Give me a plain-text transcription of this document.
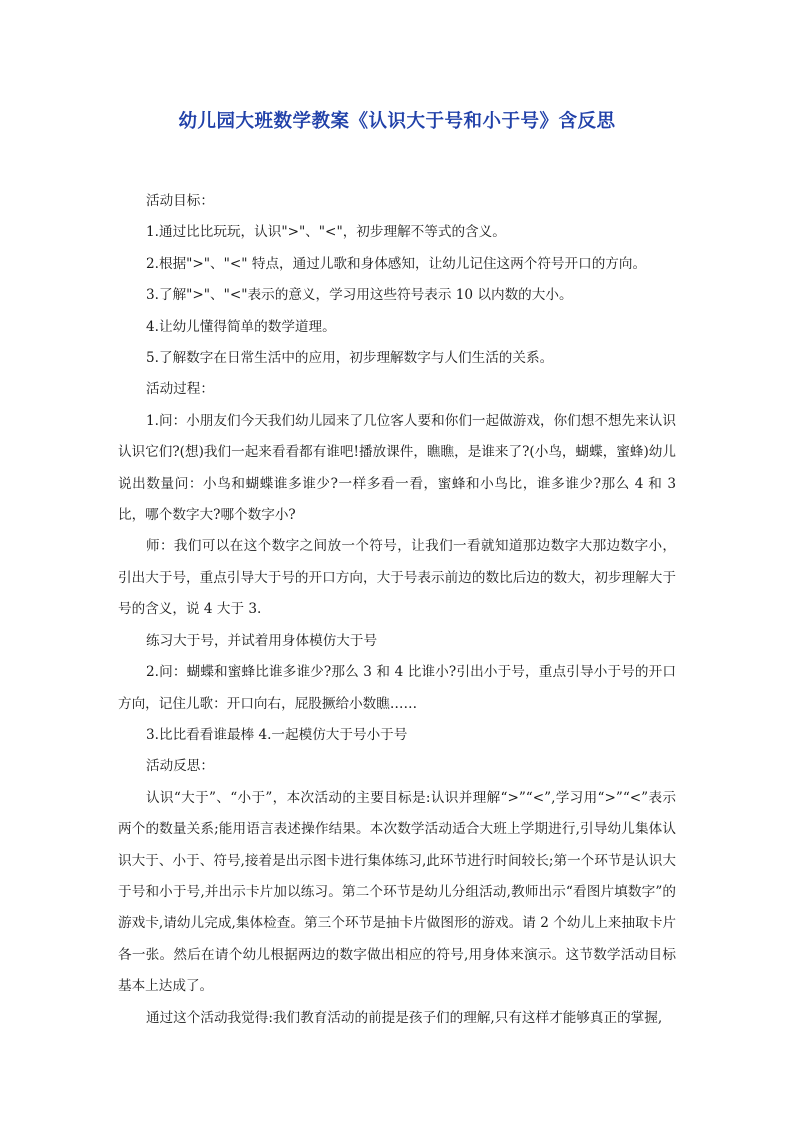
幼儿园大班数学教案《认识大于号和小于号》含反思

活动目标：

1.通过比比玩玩，认识">"、"<"，初步理解不等式的含义。

2.根据">"、"<" 特点，通过儿歌和身体感知，让幼儿记住这两个符号开口的方向。

3.了解">"、"<"表示的意义，学习用这些符号表示 10 以内数的大小。

4.让幼儿懂得简单的数学道理。

5.了解数字在日常生活中的应用，初步理解数字与人们生活的关系。

活动过程：

1.问：小朋友们今天我们幼儿园来了几位客人要和你们一起做游戏，你们想不想先来认识认识它们?(想)我们一起来看看都有谁吧!播放课件，瞧瞧，是谁来了?(小鸟，蝴蝶，蜜蜂)幼儿说出数量问：小鸟和蝴蝶谁多谁少?一样多看一看，蜜蜂和小鸟比，谁多谁少?那么 4 和 3 比，哪个数字大?哪个数字小?

师：我们可以在这个数字之间放一个符号，让我们一看就知道那边数字大那边数字小，引出大于号，重点引导大于号的开口方向，大于号表示前边的数比后边的数大，初步理解大于号的含义，说 4 大于 3.

练习大于号，并试着用身体模仿大于号

2.问：蝴蝶和蜜蜂比谁多谁少?那么 3 和 4 比谁小?引出小于号，重点引导小于号的开口方向，记住儿歌：开口向右，屁股撅给小数瞧……

3.比比看看谁最棒 4.一起模仿大于号小于号

活动反思：

认识“大于”、“小于”，本次活动的主要目标是:认识并理解“>”“<”,学习用“>”“<”表示两个的数量关系;能用语言表述操作结果。本次数学活动适合大班上学期进行,引导幼儿集体认识大于、小于、符号,接着是出示图卡进行集体练习,此环节进行时间较长;第一个环节是认识大于号和小于号,并出示卡片加以练习。第二个环节是幼儿分组活动,教师出示“看图片填数字”的游戏卡,请幼儿完成,集体检查。第三个环节是抽卡片做图形的游戏。请 2 个幼儿上来抽取卡片各一张。然后在请个幼儿根据两边的数字做出相应的符号,用身体来演示。这节数学活动目标基本上达成了。

通过这个活动我觉得:我们教育活动的前提是孩子们的理解,只有这样才能够真正的掌握,
